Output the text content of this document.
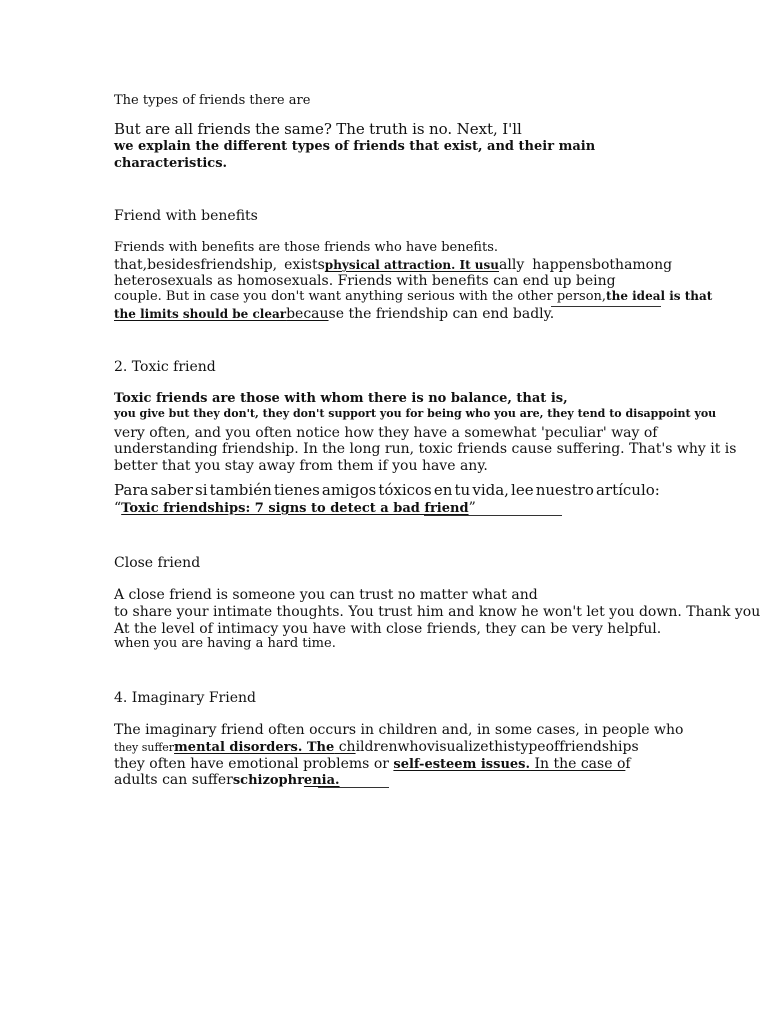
The types of friends there are
But are all friends the same? The truth is no. Next, I'll
we explain the different types of friends that exist, and their main
characteristics.
Friend with benefits
Friends with benefits are those friends who have benefits.
that, besides friendship, exists physical attraction. It usu ally happens both among
heterosexuals as homosexuals. Friends with benefits can end up being
couple. But in case you don't want anything serious with the other person,the ideal is that
the limits should be clearbecause the friendship can end badly.
2. Toxic friend
Toxic friends are those with whom there is no balance, that is,
you give but they don't, they don't support you for being who you are, they tend to disappoint you
very often, and you often notice how they have a somewhat 'peculiar' way of
understanding friendship. In the long run, toxic friends cause suffering. That's why it is
better that you stay away from them if you have any.
Para saber si también tienes amigos tóxicos en tu vida, lee nuestro artículo:
“Toxic friendships: 7 signs to detect a bad friend”
Close friend
A close friend is someone you can trust no matter what and
to share your intimate thoughts. You trust him and know he won't let you down. Thank you
At the level of intimacy you have with close friends, they can be very helpful.
when you are having a hard time.
4. Imaginary Friend
The imaginary friend often occurs in children and, in some cases, in people who
they suffer mental disorders. The ch ildren who visualize this type of friendships
they often have emotional problems or self-esteem issues. In the case of
adults can sufferschizophrenia.
